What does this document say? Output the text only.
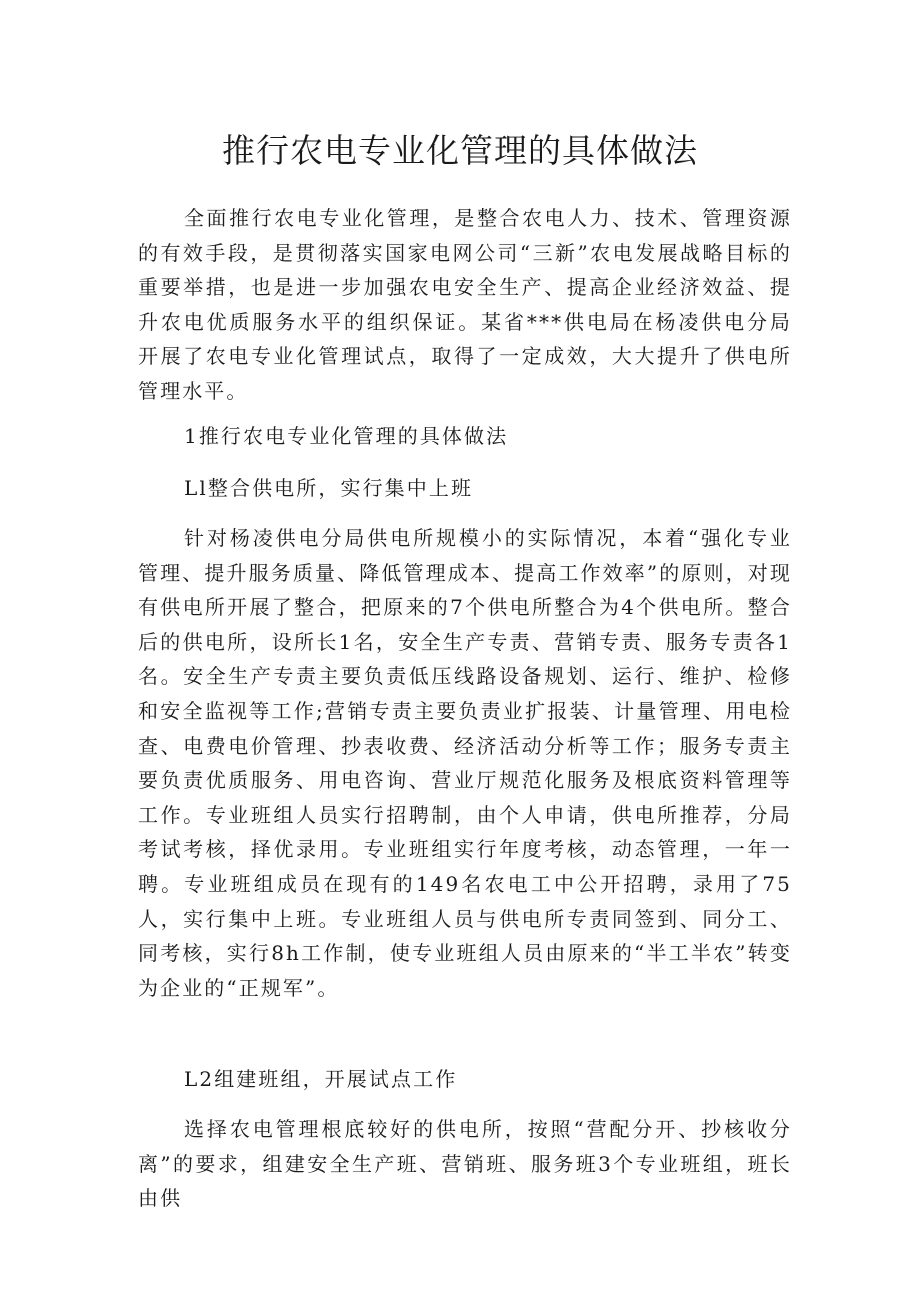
推行农电专业化管理的具体做法

全面推行农电专业化管理，是整合农电人力、技术、管理资源的有效手段，是贯彻落实国家电网公司“三新”农电发展战略目标的重要举措，也是进一步加强农电安全生产、提高企业经济效益、提升农电优质服务水平的组织保证。某省***供电局在杨凌供电分局开展了农电专业化管理试点，取得了一定成效，大大提升了供电所管理水平。

1推行农电专业化管理的具体做法

Ll整合供电所，实行集中上班

针对杨凌供电分局供电所规模小的实际情况，本着“强化专业管理、提升服务质量、降低管理成本、提高工作效率”的原则，对现有供电所开展了整合，把原来的7个供电所整合为4个供电所。整合后的供电所，设所长1名，安全生产专责、营销专责、服务专责各1名。安全生产专责主要负责低压线路设备规划、运行、维护、检修和安全监视等工作;营销专责主要负责业扩报装、计量管理、用电检查、电费电价管理、抄表收费、经济活动分析等工作；服务专责主要负责优质服务、用电咨询、营业厅规范化服务及根底资料管理等工作。专业班组人员实行招聘制，由个人申请，供电所推荐，分局考试考核，择优录用。专业班组实行年度考核，动态管理，一年一聘。专业班组成员在现有的149名农电工中公开招聘，录用了75人，实行集中上班。专业班组人员与供电所专责同签到、同分工、同考核，实行8h工作制，使专业班组人员由原来的“半工半农”转变为企业的“正规军”。

L2组建班组，开展试点工作

选择农电管理根底较好的供电所，按照“营配分开、抄核收分离”的要求，组建安全生产班、营销班、服务班3个专业班组，班长由供
